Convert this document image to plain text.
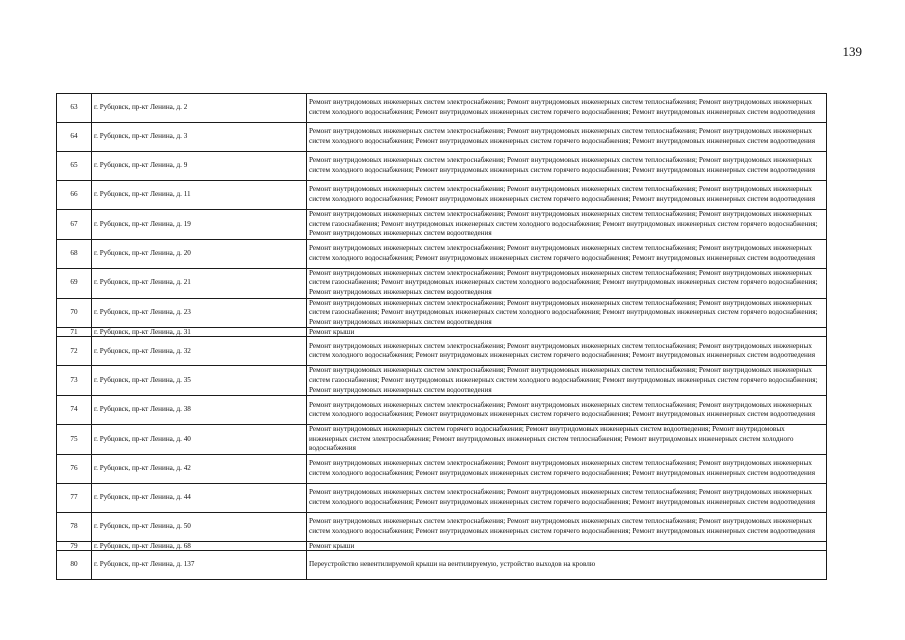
139
63	г. Рубцовск, пр-кт Ленина, д. 2	Ремонт внутридомовых инженерных систем электроснабжения; Ремонт внутридомовых инженерных систем теплоснабжения; Ремонт внутридомовых инженерных систем холодного водоснабжения; Ремонт внутридомовых инженерных систем горячего водоснабжения; Ремонт внутридомовых инженерных систем водоотведения
64	г. Рубцовск, пр-кт Ленина, д. 3	Ремонт внутридомовых инженерных систем электроснабжения; Ремонт внутридомовых инженерных систем теплоснабжения; Ремонт внутридомовых инженерных систем холодного водоснабжения; Ремонт внутридомовых инженерных систем горячего водоснабжения; Ремонт внутридомовых инженерных систем водоотведения
65	г. Рубцовск, пр-кт Ленина, д. 9	Ремонт внутридомовых инженерных систем электроснабжения; Ремонт внутридомовых инженерных систем теплоснабжения; Ремонт внутридомовых инженерных систем холодного водоснабжения; Ремонт внутридомовых инженерных систем горячего водоснабжения; Ремонт внутридомовых инженерных систем водоотведения
66	г. Рубцовск, пр-кт Ленина, д. 11	Ремонт внутридомовых инженерных систем электроснабжения; Ремонт внутридомовых инженерных систем теплоснабжения; Ремонт внутридомовых инженерных систем холодного водоснабжения; Ремонт внутридомовых инженерных систем горячего водоснабжения; Ремонт внутридомовых инженерных систем водоотведения
67	г. Рубцовск, пр-кт Ленина, д. 19	Ремонт внутридомовых инженерных систем электроснабжения; Ремонт внутридомовых инженерных систем теплоснабжения; Ремонт внутридомовых инженерных систем газоснабжения; Ремонт внутридомовых инженерных систем холодного водоснабжения; Ремонт внутридомовых инженерных систем горячего водоснабжения; Ремонт внутридомовых инженерных систем водоотведения
68	г. Рубцовск, пр-кт Ленина, д. 20	Ремонт внутридомовых инженерных систем электроснабжения; Ремонт внутридомовых инженерных систем теплоснабжения; Ремонт внутридомовых инженерных систем холодного водоснабжения; Ремонт внутридомовых инженерных систем горячего водоснабжения; Ремонт внутридомовых инженерных систем водоотведения
69	г. Рубцовск, пр-кт Ленина, д. 21	Ремонт внутридомовых инженерных систем электроснабжения; Ремонт внутридомовых инженерных систем теплоснабжения; Ремонт внутридомовых инженерных систем газоснабжения; Ремонт внутридомовых инженерных систем холодного водоснабжения; Ремонт внутридомовых инженерных систем горячего водоснабжения; Ремонт внутридомовых инженерных систем водоотведения
70	г. Рубцовск, пр-кт Ленина, д. 23	Ремонт внутридомовых инженерных систем электроснабжения; Ремонт внутридомовых инженерных систем теплоснабжения; Ремонт внутридомовых инженерных систем газоснабжения; Ремонт внутридомовых инженерных систем холодного водоснабжения; Ремонт внутридомовых инженерных систем горячего водоснабжения; Ремонт внутридомовых инженерных систем водоотведения
71	г. Рубцовск, пр-кт Ленина, д. 31	Ремонт крыши
72	г. Рубцовск, пр-кт Ленина, д. 32	Ремонт внутридомовых инженерных систем электроснабжения; Ремонт внутридомовых инженерных систем теплоснабжения; Ремонт внутридомовых инженерных систем холодного водоснабжения; Ремонт внутридомовых инженерных систем горячего водоснабжения; Ремонт внутридомовых инженерных систем водоотведения
73	г. Рубцовск, пр-кт Ленина, д. 35	Ремонт внутридомовых инженерных систем электроснабжения; Ремонт внутридомовых инженерных систем теплоснабжения; Ремонт внутридомовых инженерных систем газоснабжения; Ремонт внутридомовых инженерных систем холодного водоснабжения; Ремонт внутридомовых инженерных систем горячего водоснабжения; Ремонт внутридомовых инженерных систем водоотведения
74	г. Рубцовск, пр-кт Ленина, д. 38	Ремонт внутридомовых инженерных систем электроснабжения; Ремонт внутридомовых инженерных систем теплоснабжения; Ремонт внутридомовых инженерных систем холодного водоснабжения; Ремонт внутридомовых инженерных систем горячего водоснабжения; Ремонт внутридомовых инженерных систем водоотведения
75	г. Рубцовск, пр-кт Ленина, д. 40	Ремонт внутридомовых инженерных систем горячего водоснабжения; Ремонт внутридомовых инженерных систем водоотведения; Ремонт внутридомовых инженерных систем электроснабжения; Ремонт внутридомовых инженерных систем теплоснабжения; Ремонт внутридомовых инженерных систем холодного водоснабжения
76	г. Рубцовск, пр-кт Ленина, д. 42	Ремонт внутридомовых инженерных систем электроснабжения; Ремонт внутридомовых инженерных систем теплоснабжения; Ремонт внутридомовых инженерных систем холодного водоснабжения; Ремонт внутридомовых инженерных систем горячего водоснабжения; Ремонт внутридомовых инженерных систем водоотведения
77	г. Рубцовск, пр-кт Ленина, д. 44	Ремонт внутридомовых инженерных систем электроснабжения; Ремонт внутридомовых инженерных систем теплоснабжения; Ремонт внутридомовых инженерных систем холодного водоснабжения; Ремонт внутридомовых инженерных систем горячего водоснабжения; Ремонт внутридомовых инженерных систем водоотведения
78	г. Рубцовск, пр-кт Ленина, д. 50	Ремонт внутридомовых инженерных систем электроснабжения; Ремонт внутридомовых инженерных систем теплоснабжения; Ремонт внутридомовых инженерных систем холодного водоснабжения; Ремонт внутридомовых инженерных систем горячего водоснабжения; Ремонт внутридомовых инженерных систем водоотведения
79	г. Рубцовск, пр-кт Ленина, д. 68	Ремонт крыши
80	г. Рубцовск, пр-кт Ленина, д. 137	Переустройство невентилируемой крыши на вентилируемую, устройство выходов на кровлю
